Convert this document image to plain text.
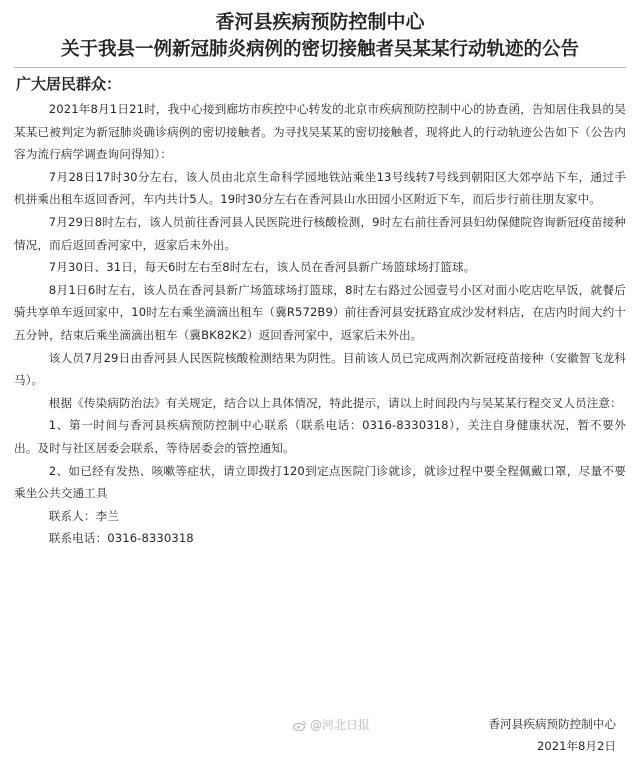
香河县疾病预防控制中心
关于我县一例新冠肺炎病例的密切接触者吴某某行动轨迹的公告
广大居民群众：

2021年8月1日21时，我中心接到廊坊市疾控中心转发的北京市疾病预防控制中心的协查函，告知居住我县的吴某某已被判定为新冠肺炎确诊病例的密切接触者。为寻找吴某某的密切接触者，现将此人的行动轨迹公告如下（公告内容为流行病学调查询问得知）：

7月28日17时30分左右，该人员由北京生命科学园地铁站乘坐13号线转7号线到朝阳区大郊亭站下车，通过手机拼乘出租车返回香河，车内共计5人。19时30分左右在香河县山水田园小区附近下车，而后步行前往朋友家中。

7月29日8时左右，该人员前往香河县人民医院进行核酸检测，9时左右前往香河县妇幼保健院咨询新冠疫苗接种情况，而后返回香河家中，返家后未外出。

7月30日、31日，每天6时左右至8时左右，该人员在香河县新广场篮球场打篮球。

8月1日6时左右，该人员在香河县新广场篮球场打篮球，8时左右路过公园壹号小区对面小吃店吃早饭，就餐后骑共享单车返回家中，10时左右乘坐滴滴出租车（冀R572B9）前往香河县安抚路宜成沙发材料店，在店内时间大约十五分钟，结束后乘坐滴滴出租车（冀BK82K2）返回香河家中，返家后未外出。

该人员7月29日由香河县人民医院核酸检测结果为阴性。目前该人员已完成两剂次新冠疫苗接种（安徽智飞龙科马）。

根据《传染病防治法》有关规定，结合以上具体情况，特此提示，请以上时间段内与吴某某行程交叉人员注意：

1、第一时间与香河县疾病预防控制中心联系（联系电话：0316-8330318），关注自身健康状况，暂不要外出。及时与社区居委会联系，等待居委会的管控通知。

2、如已经有发热、咳嗽等症状，请立即拨打120到定点医院门诊就诊，就诊过程中要全程佩戴口罩，尽量不要乘坐公共交通工具

联系人：李兰

联系电话：0316-8330318

@河北日报	香河县疾病预防控制中心
2021年8月2日
